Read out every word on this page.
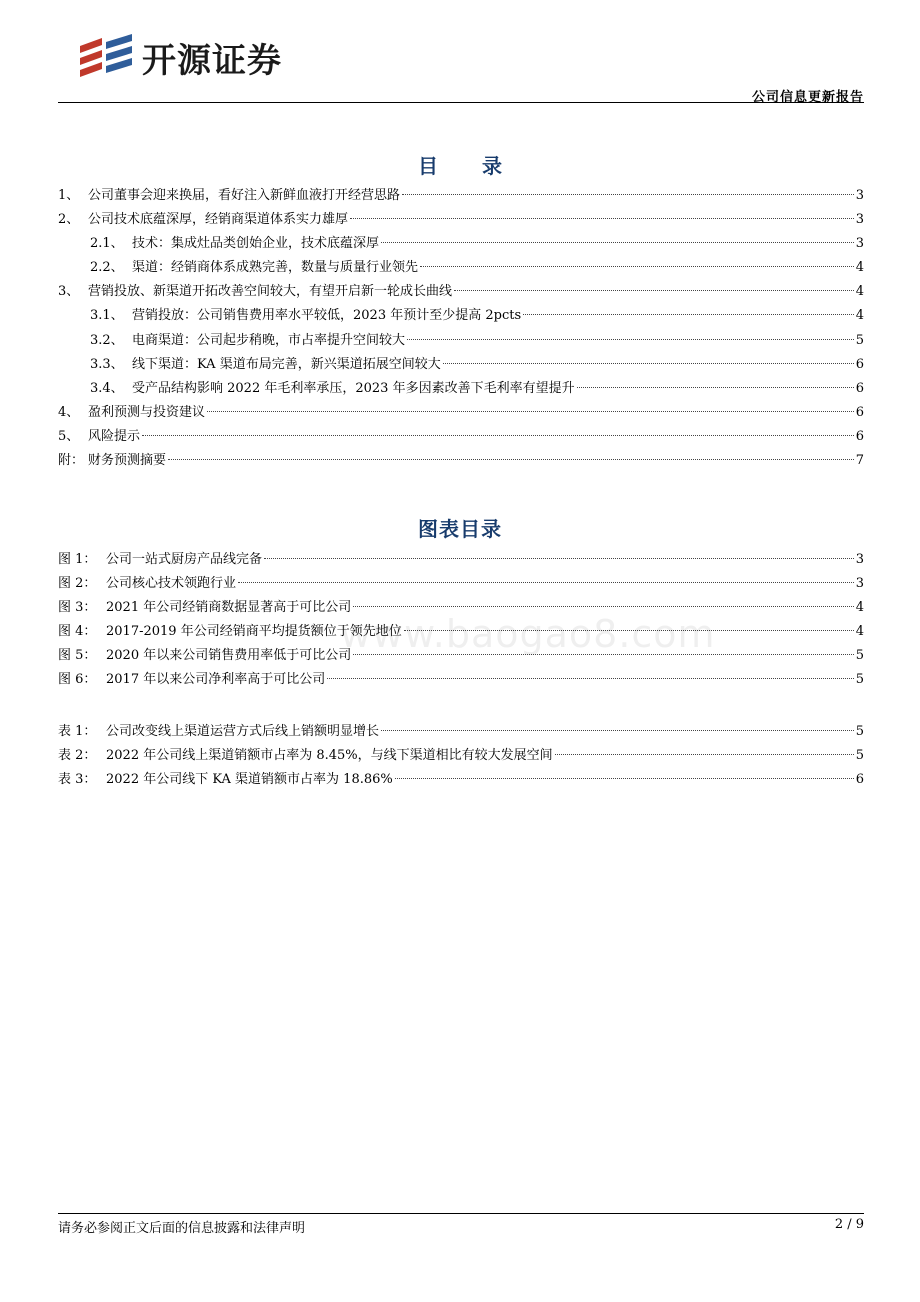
开源证券
公司信息更新报告
目　录
1、 公司董事会迎来换届，看好注入新鲜血液打开经营思路	3
2、 公司技术底蕴深厚，经销商渠道体系实力雄厚	3
2.1、 技术：集成灶品类创始企业，技术底蕴深厚	3
2.2、 渠道：经销商体系成熟完善，数量与质量行业领先	4
3、 营销投放、新渠道开拓改善空间较大，有望开启新一轮成长曲线	4
3.1、 营销投放：公司销售费用率水平较低，2023 年预计至少提高 2pcts	4
3.2、 电商渠道：公司起步稍晚，市占率提升空间较大	5
3.3、 线下渠道：KA 渠道布局完善，新兴渠道拓展空间较大	6
3.4、 受产品结构影响 2022 年毛利率承压，2023 年多因素改善下毛利率有望提升	6
4、 盈利预测与投资建议	6
5、 风险提示	6
附： 财务预测摘要	7
图表目录
图 1： 公司一站式厨房产品线完备	3
图 2： 公司核心技术领跑行业	3
图 3： 2021 年公司经销商数据显著高于可比公司	4
图 4： 2017-2019 年公司经销商平均提货额位于领先地位	4
图 5： 2020 年以来公司销售费用率低于可比公司	5
图 6： 2017 年以来公司净利率高于可比公司	5
表 1： 公司改变线上渠道运营方式后线上销额明显增长	5
表 2： 2022 年公司线上渠道销额市占率为 8.45%，与线下渠道相比有较大发展空间	5
表 3： 2022 年公司线下 KA 渠道销额市占率为 18.86%	6
www.baogao8.com
请务必参阅正文后面的信息披露和法律声明	2 / 9
